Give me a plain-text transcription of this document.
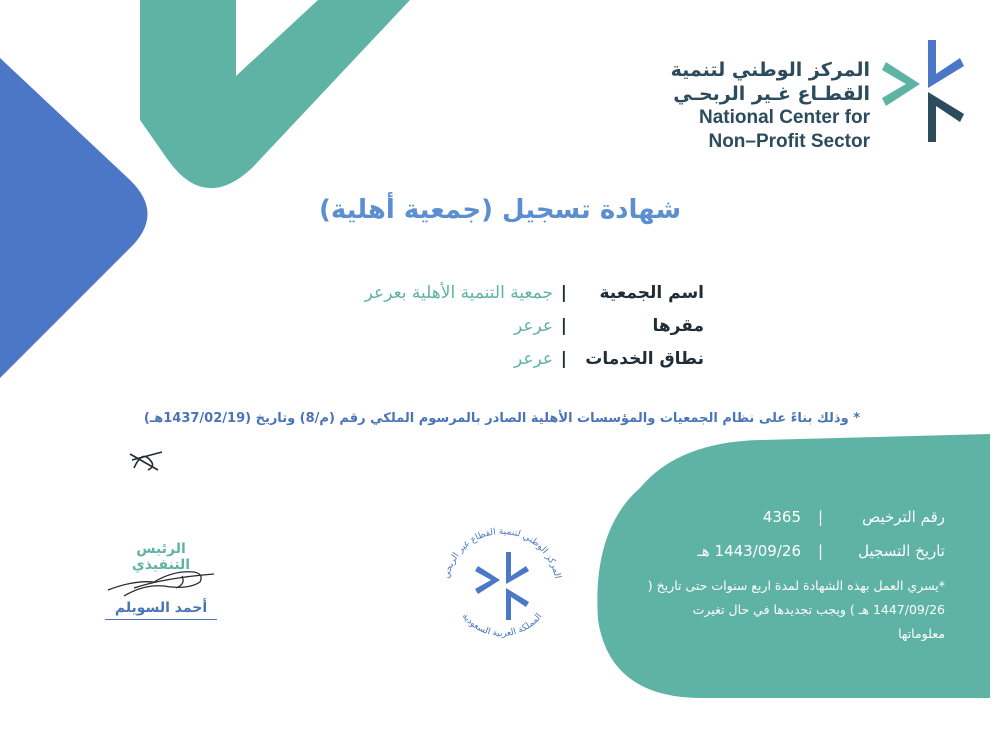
المركز الوطني لتنمية
القطـاع غـير الربحـي
National Center for
Non–Profit Sector
شهادة تسجيل (جمعية أهلية)
اسم الجمعية
|
جمعية التنمية الأهلية بعرعر
مقرها
|
عرعر
نطاق الخدمات
|
عرعر
* وذلك بناءً على نظام الجمعيات والمؤسسات الأهلية الصادر بالمرسوم الملكي رقم (م/8) وتاريخ (1437/02/19هـ)
رقم الترخيص
|
4365
تاريخ التسجيل
|
1443/09/26 هـ
*يسري العمل بهذه الشهادة لمدة اربع سنوات حتى تاريخ ( 1447/09/26 هـ ) ويجب تجديدها في حال تغيرت معلوماتها
المركز الوطني لتنمية القطاع غير الربحي
المملكة العربية السعودية
الرئيس التنفيذي
أحمد السويلم
